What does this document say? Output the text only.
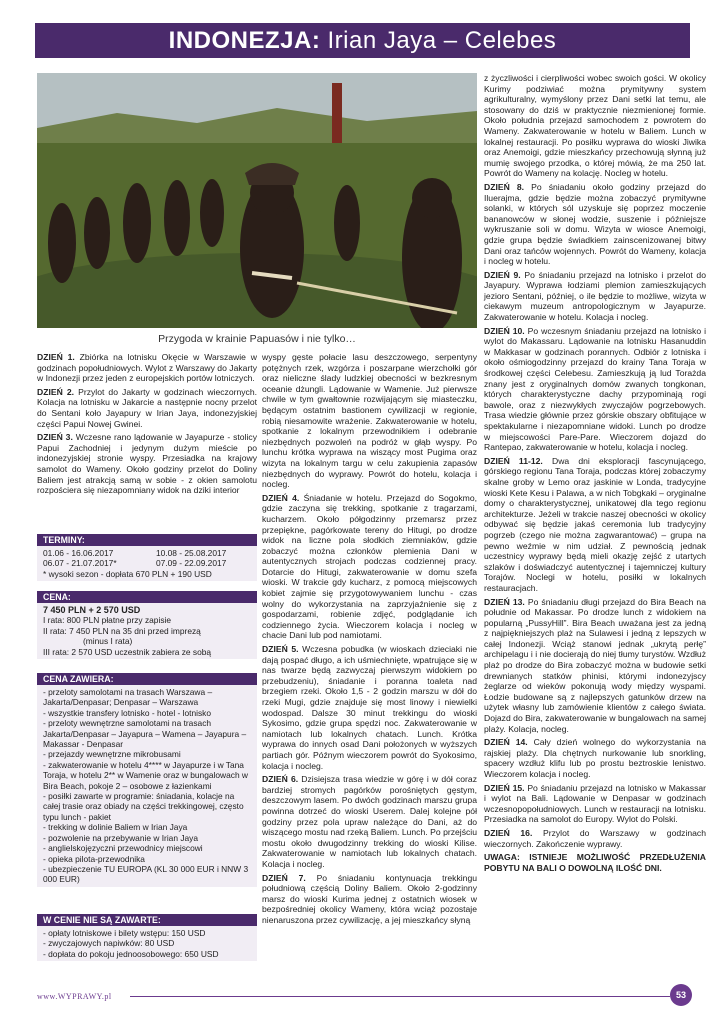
INDONEZJA: Irian Jaya – Celebes
Przygoda w krainie Papuasów i nie tylko…

DZIEŃ 1. Zbiórka na lotnisku Okęcie w Warszawie w godzinach popołudniowych. Wylot z Warszawy do Jakarty w Indonezji przez jeden z europejskich portów lotniczych.

DZIEŃ 2. Przylot do Jakarty w godzinach wieczornych. Kolacja na lotnisku w Jakarcie a następnie nocny przelot do Sentani koło Jayapury w Irian Jaya, indonezyjskiej części Papui Nowej Gwinei.

DZIEŃ 3. Wczesne rano lądowanie w Jayapurze - stolicy Papui Zachodniej i jedynym dużym mieście po indonezyjskiej stronie wyspy. Przesiadka na krajowy samolot do Wameny. Około godziny przelot do Doliny Baliem jest atrakcją samą w sobie - z okien samolotu rozpościera się niezapomniany widok na dziki interior

TERMINY:
01.06 - 16.06.2017	10.08 - 25.08.2017
06.07 - 21.07.2017*	07.09 - 22.09.2017
* wysoki sezon - dopłata 670 PLN + 190 USD
CENA:
7 450 PLN + 2 570 USD
I rata: 800 PLN płatne przy zapisie
II rata: 7 450 PLN na 35 dni przed imprezą
(minus I rata)
III rata: 2 570 USD uczestnik zabiera ze sobą
CENA ZAWIERA:
- przeloty samolotami na trasach Warszawa – Jakarta/Denpasar; Denpasar – Warszawa
- wszystkie transfery lotnisko - hotel - lotnisko
- przeloty wewnętrzne samolotami na trasach Jakarta/Denpasar – Jayapura – Wamena – Jayapura – Makassar - Denpasar
- przejazdy wewnętrzne mikrobusami
- zakwaterowanie w hotelu 4**** w Jayapurze i w Tana Toraja, w hotelu 2** w Wamenie oraz w bungalowach w Bira Beach, pokoje 2 – osobowe z łazienkami
- posiłki zawarte w programie: śniadania, kolacje na całej trasie oraz obiady na części trekkingowej, często typu lunch - pakiet
- trekking w dolinie Baliem w Irian Jaya
- pozwolenie na przebywanie w Irian Jaya
- anglielskojęzyczni przewodnicy miejscowi
- opieka pilota-przewodnika
- ubezpieczenie TU EUROPA (KL 30 000 EUR i NNW 3 000 EUR)
W CENIE NIE SĄ ZAWARTE:
- opłaty lotniskowe i bilety wstępu: 150 USD
- zwyczajowych napiwków: 80 USD
- dopłata do pokoju jednoosobowego: 650 USD

wyspy gęste połacie lasu deszczowego, serpentyny potężnych rzek, wzgórza i poszarpane wierzchołki gór oraz nieliczne ślady ludzkiej obecności w bezkresnym oceanie dżungli. Lądowanie w Wamenie. Już pierwsze chwile w tym gwałtownie rozwijającym się miasteczku, będącym ostatnim bastionem cywilizacji w regionie, robią niesamowite wrażenie. Zakwaterowanie w hotelu, spotkanie z lokalnym przewodnikiem i odebranie niezbędnych pozwoleń na podróż w głąb wyspy. Po lunchu krótka wyprawa na wiszący most Pugima oraz wizyta na lokalnym targu w celu zakupienia zapasów niezbędnych do wyprawy. Powrót do hotelu, kolacja i nocleg.

DZIEŃ 4. Śniadanie w hotelu. Przejazd do Sogokmo, gdzie zaczyna się trekking, spotkanie z tragarzami, kucharzem. Około półgodzinny przemarsz przez przepiękne, pagórkowate tereny do Hitugi, po drodze widok na liczne pola słodkich ziemniaków, gdzie zobaczyć można członków plemienia Dani w autentycznych strojach podczas codziennej pracy. Dotarcie do Hitugi, zakwaterowanie w domu szefa wioski. W trakcie gdy kucharz, z pomocą miejscowych kobiet zajmie się przygotowywaniem lunchu - czas wolny do wykorzystania na zaprzyjaźnienie się z gospodarzami, robienie zdjęć, podglądanie ich codziennego życia. Wieczorem kolacja i nocleg w chacie Dani lub pod namiotami.

DZIEŃ 5. Wczesna pobudka (w wioskach dzieciaki nie dają pospać długo, a ich uśmiechnięte, wpatrujące się w nas twarze będą zazwyczaj pierwszym widokiem po przebudzeniu), śniadanie i poranna toaleta nad brzegiem rzeki. Około 1,5 - 2 godzin marszu w dół do rzeki Mugi, gdzie znajduje się most linowy i niewielki wodospad. Dalsze 30 minut trekkingu do wioski Sykosimo, gdzie grupa spędzi noc. Zakwaterowanie w namiotach lub lokalnych chatach. Lunch. Krótka wyprawa do innych osad Dani położonych w wyższych partiach gór. Późnym wieczorem powrót do Syokosimo, kolacja i nocleg.

DZIEŃ 6. Dzisiejsza trasa wiedzie w górę i w dół coraz bardziej stromych pagórków porośniętych gęstym, deszczowym lasem. Po dwóch godzinach marszu grupa powinna dotrzeć do wioski Userem. Dalej kolejne pół godziny przez pola upraw należące do Dani, aż do wiszącego mostu nad rzeką Baliem. Lunch. Po przejściu mostu około dwugodzinny trekking do wioski Kilise. Zakwaterowanie w namiotach lub lokalnych chatach. Kolacja i nocleg.

DZIEŃ 7. Po śniadaniu kontynuacja trekkingu południową częścią Doliny Baliem. Około 2-godzinny marsz do wioski Kurima jednej z ostatnich wiosek w bezpośredniej okolicy Wameny, która wciąż pozostaje nienaruszona przez cywilizację, a jej mieszkańcy słyną

z życzliwości i cierpliwości wobec swoich gości. W okolicy Kurimy podziwiać można prymitywny system agrikulturalny, wymyślony przez Dani setki lat temu, ale stosowany do dziś w praktycznie niezmienionej formie. Około południa przejazd samochodem z powrotem do Wameny. Zakwaterowanie w hotelu w Baliem. Lunch w lokalnej restauracji. Po posiłku wyprawa do wioski Jiwika oraz Anemoigi, gdzie mieszkańcy przechowują słynną już mumię swojego przodka, o której mówią, że ma 250 lat. Powrót do Wameny na kolację. Nocleg w hotelu.

DZIEŃ 8. Po śniadaniu około godziny przejazd do Iluerajma, gdzie będzie można zobaczyć prymitywne solanki, w których sól uzyskuje się poprzez moczenie bananowców w słonej wodzie, suszenie i późniejsze wykruszanie soli w domu. Wizyta w wiosce Anemoigi, gdzie grupa będzie świadkiem zainscenizowanej bitwy Dani oraz tańców wojennych. Powrót do Wameny, kolacja i nocleg w hotelu.

DZIEŃ 9. Po śniadaniu przejazd na lotnisko i przelot do Jayapury. Wyprawa łodziami plemion zamieszkujących jezioro Sentani, później, o ile będzie to możliwe, wizyta w ciekawym muzeum antropologicznym w Jayapurze. Zakwaterowanie w hotelu. Kolacja i nocleg.

DZIEŃ 10. Po wczesnym śniadaniu przejazd na lotnisko i wylot do Makassaru. Lądowanie na lotnisku Hasanuddin w Makkasar w godzinach porannych. Odbiór z lotniska i około ośmiogodzinny przejazd do krainy Tana Toraja w środkowej części Celebesu. Zamieszkują ją lud Torażda znany jest z oryginalnych domów zwanych tongkonan, których charakterystyczne dachy przypominają rogi bawole, oraz z niezwykłych zwyczajów pogrzebowych. Trasa wiedzie głównie przez górskie obszary obfitujące w spektakularne i niezapomniane widoki. Lunch po drodze w miejscowości Pare-Pare. Wieczorem dojazd do Rantepao, zakwaterowanie w hotelu, kolacja i nocleg.

DZIEŃ 11-12. Dwa dni eksploracji fascynującego, górskiego regionu Tana Toraja, podczas której zobaczymy skalne groby w Lemo oraz jaskinie w Londa, tradycyjne wioski Kete Kesu i Palawa, a w nich Tobgkaki – oryginalne domy o charakterystycznej, unikatowej dla tego regionu architekturze. Jeżeli w trakcie naszej obecności w okolicy odbywać się będzie jakaś ceremonia lub tradycyjny pogrzeb (czego nie można zagwarantować) – grupa na pewno weźmie w nim udział. Z pewnością jednak uczestnicy wyprawy będą mieli okazję zejść z utartych szlaków i doświadczyć autentycznej i tajemniczej kultury Torajów. Noclegi w hotelu, posiłki w lokalnych restauracjach.

DZIEŃ 13. Po śniadaniu długi przejazd do Bira Beach na południe od Makassar. Po drodze lunch z widokiem na popularną „PussyHill”. Bira Beach uważana jest za jedną z najpiękniejszych plaż na Sulawesi i jedną z lepszych w całej Indonezji. Wciąż stanowi jednak „ukrytą perłę” archipelagu i i nie docierają do niej tłumy turystów. Wzdłuż plaż po drodze do Bira zobaczyć można w budowie setki drewnianych statków phinisi, którymi indonezyjscy żeglarze od wieków pokonują wody między wyspami. Łodzie budowane są z najlepszych gatunków drzew na użytek własny lub zamówienie klientów z całego świata. Dojazd do Bira, zakwaterowanie w bungalowach na samej plaży. Kolacja, nocleg.

DZIEŃ 14. Cały dzień wolnego do wykorzystania na rajskiej plaży. Dla chętnych nurkowanie lub snorkling, spacery wzdłuż klifu lub po prostu beztroskie lenistwo. Wieczorem kolacja i nocleg.

DZIEŃ 15. Po śniadaniu przejazd na lotnisko w Makassar i wylot na Bali. Lądowanie w Denpasar w godzinach wczesnopopołudniowych. Lunch w restauracji na lotnisku. Przesiadka na samolot do Europy. Wylot do Polski.

DZIEŃ 16. Przylot do Warszawy w godzinach wieczornych. Zakończenie wyprawy.

UWAGA: ISTNIEJE MOŻLIWOŚĆ PRZEDŁUŻENIA POBYTU NA BALI O DOWOLNĄ ILOŚĆ DNI.

www.WYPRAWY.pl	53
